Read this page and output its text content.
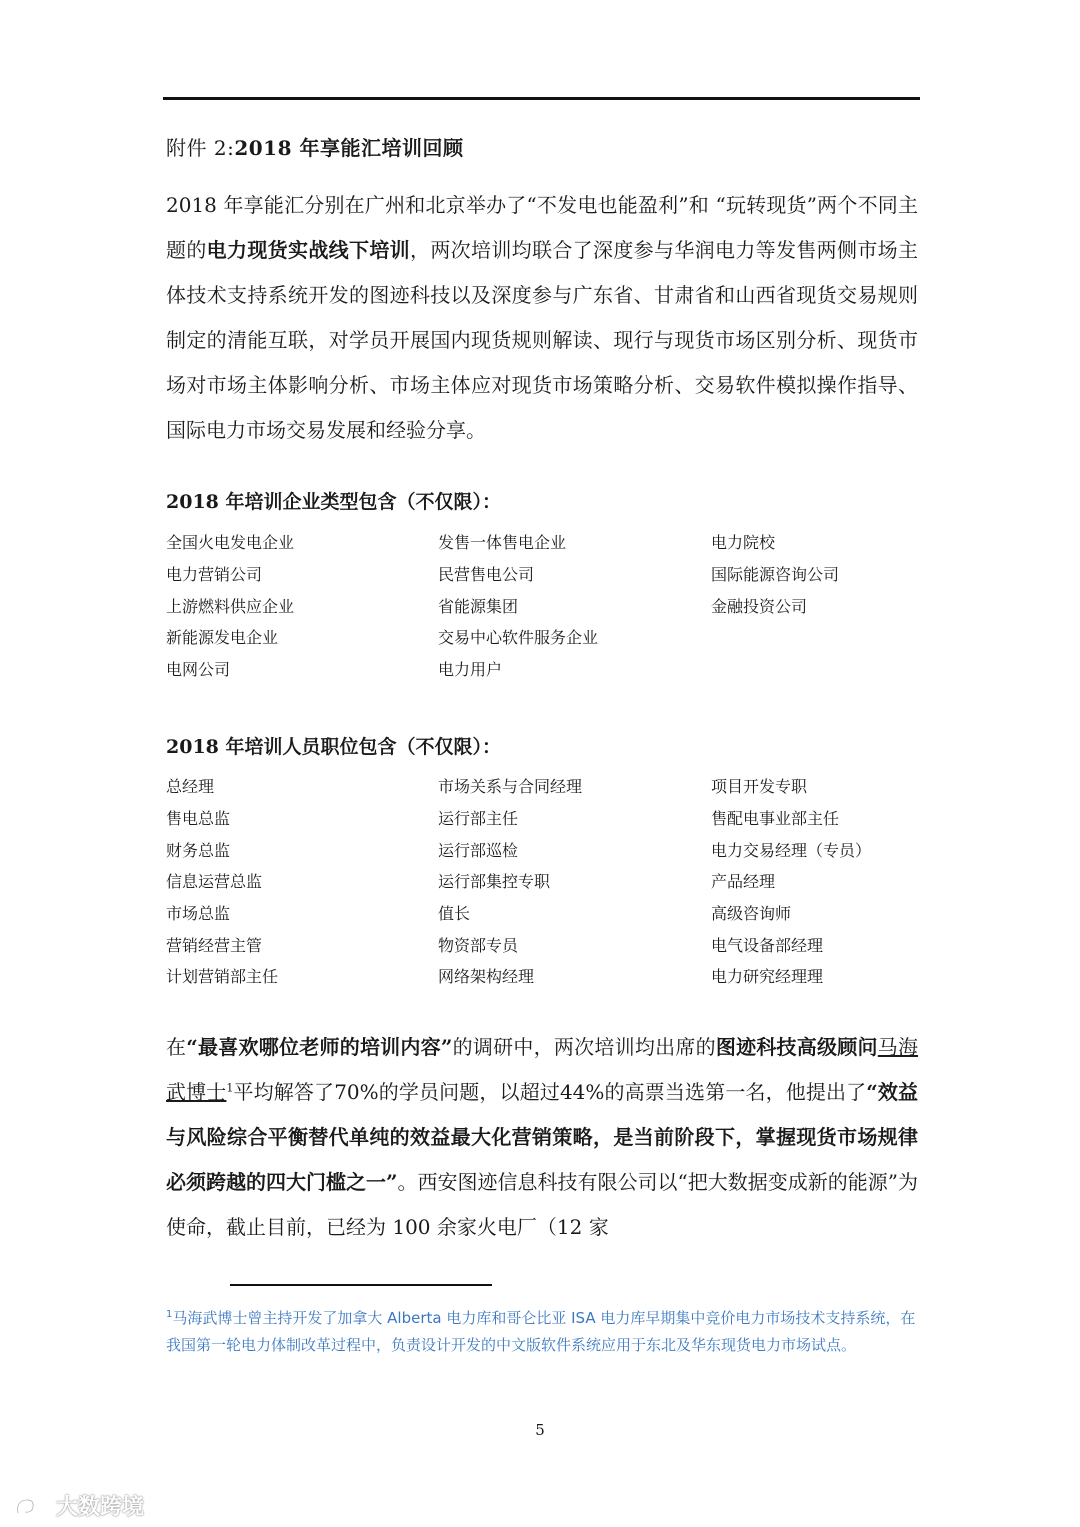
附件 2:2018 年享能汇培训回顾
2018 年享能汇分别在广州和北京举办了“不发电也能盈利”和 “玩转现货”两个不同主题的电力现货实战线下培训，两次培训均联合了深度参与华润电力等发售两侧市场主体技术支持系统开发的图迹科技以及深度参与广东省、甘肃省和山西省现货交易规则制定的清能互联，对学员开展国内现货规则解读、现行与现货市场区别分析、现货市场对市场主体影响分析、市场主体应对现货市场策略分析、交易软件模拟操作指导、国际电力市场交易发展和经验分享。
2018 年培训企业类型包含（不仅限）：
全国火电发电企业	发售一体售电企业	电力院校
电力营销公司	民营售电公司	国际能源咨询公司
上游燃料供应企业	省能源集团	金融投资公司
新能源发电企业	交易中心软件服务企业
电网公司	电力用户
2018 年培训人员职位包含（不仅限）：
总经理	市场关系与合同经理	项目开发专职
售电总监	运行部主任	售配电事业部主任
财务总监	运行部巡检	电力交易经理（专员）
信息运营总监	运行部集控专职	产品经理
市场总监	值长	高级咨询师
营销经营主管	物资部专员	电气设备部经理
计划营销部主任	网络架构经理	电力研究经理理
在“最喜欢哪位老师的培训内容”的调研中，两次培训均出席的图迹科技高级顾问马海武博士$^1$平均解答了70%的学员问题，以超过44%的高票当选第一名，他提出了“效益与风险综合平衡替代单纯的效益最大化营销策略，是当前阶段下，掌握现货市场规律必须跨越的四大门槛之一”。西安图迹信息科技有限公司以“把大数据变成新的能源”为使命，截止目前，已经为 100 余家火电厂（12 家
$^1$马海武博士曾主持开发了加拿大 Alberta 电力库和哥仑比亚 ISA 电力库早期集中竞价电力市场技术支持系统，在我国第一轮电力体制改革过程中，负责设计开发的中文版软件系统应用于东北及华东现货电力市场试点。
5
大数跨境
